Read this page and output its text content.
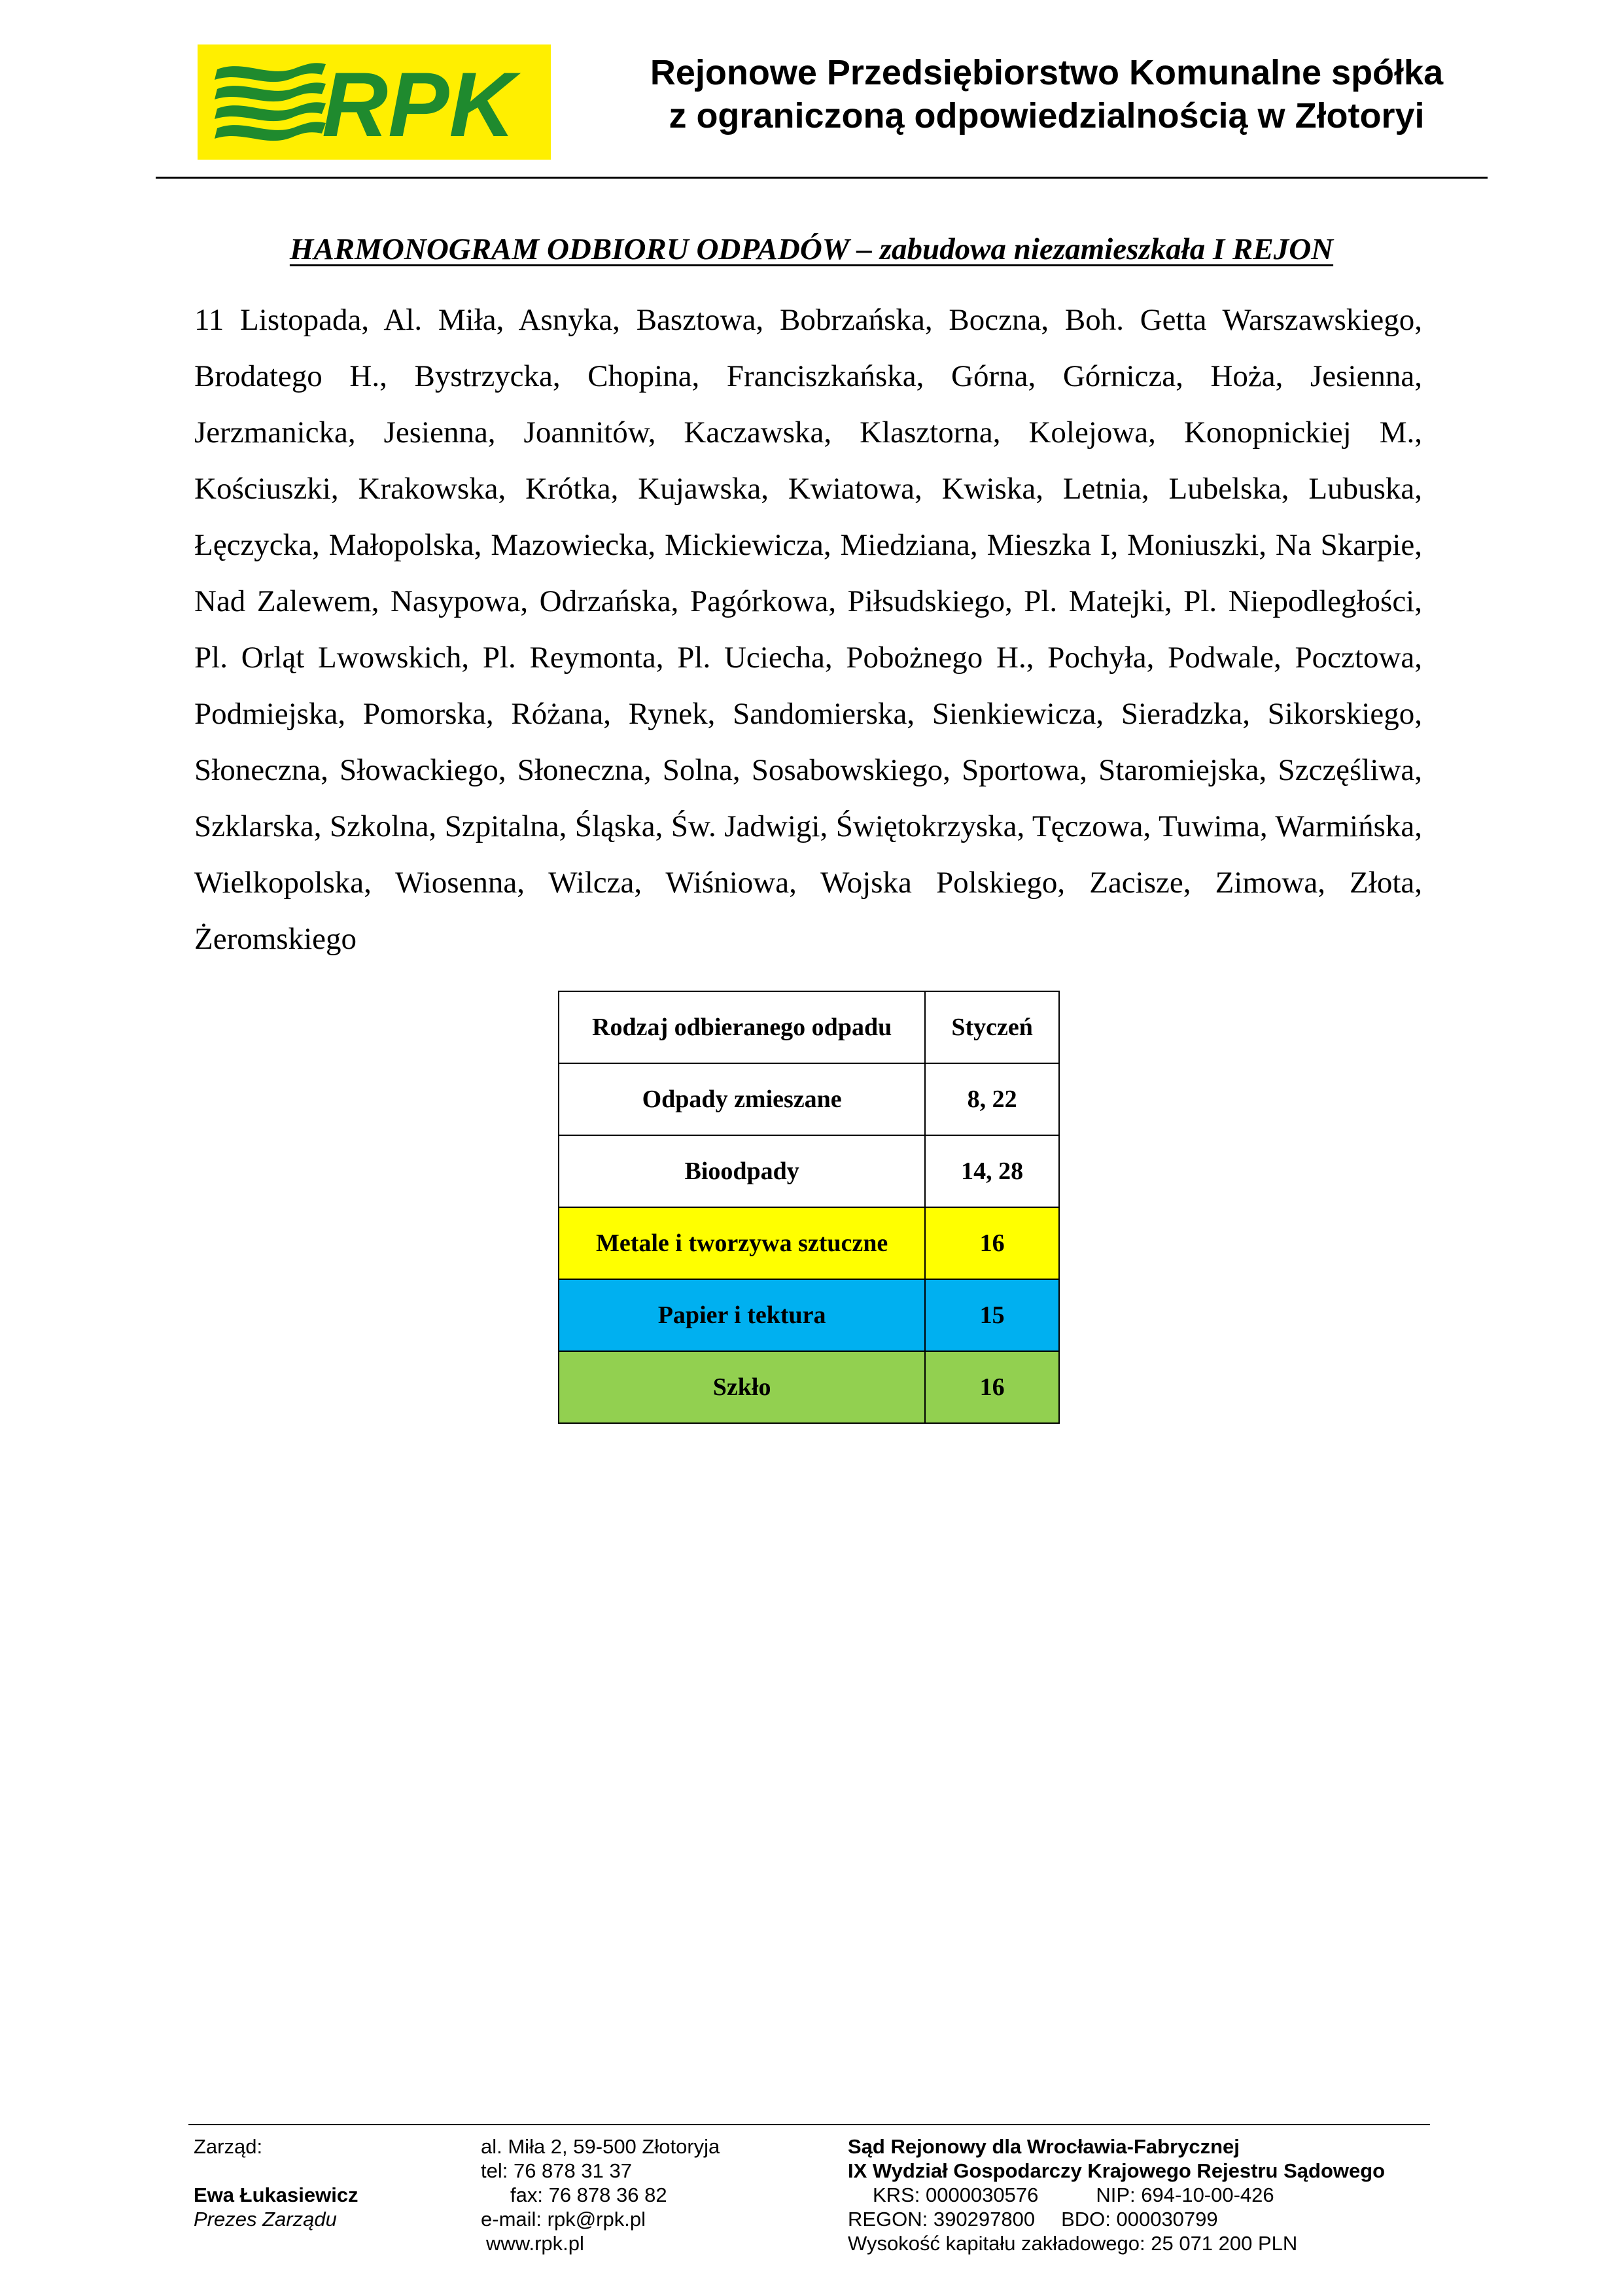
RPK	Rejonowe Przedsiębiorstwo Komunalne spółka
z ograniczoną odpowiedzialnością w Złotoryi
HARMONOGRAM ODBIORU ODPADÓW – zabudowa niezamieszkała I REJON

11 Listopada, Al. Miła, Asnyka, Basztowa, Bobrzańska, Boczna, Boh. Getta Warszawskiego, Brodatego H., Bystrzycka, Chopina, Franciszkańska, Górna, Górnicza, Hoża, Jesienna, Jerzmanicka, Jesienna, Joannitów, Kaczawska, Klasztorna, Kolejowa, Konopnickiej M., Kościuszki, Krakowska, Krótka, Kujawska, Kwiatowa, Kwiska, Letnia, Lubelska, Lubuska, Łęczycka, Małopolska, Mazowiecka, Mickiewicza, Miedziana, Mieszka I, Moniuszki, Na Skarpie, Nad Zalewem, Nasypowa, Odrzańska, Pagórkowa, Piłsudskiego, Pl. Matejki, Pl. Niepodległości, Pl. Orląt Lwowskich, Pl. Reymonta, Pl. Uciecha, Pobożnego H., Pochyła, Podwale, Pocztowa, Podmiejska, Pomorska, Różana, Rynek, Sandomierska, Sienkiewicza, Sieradzka, Sikorskiego, Słoneczna, Słowackiego, Słoneczna, Solna, Sosabowskiego, Sportowa, Staromiejska, Szczęśliwa, Szklarska, Szkolna, Szpitalna, Śląska, Św. Jadwigi, Świętokrzyska, Tęczowa, Tuwima, Warmińska, Wielkopolska, Wiosenna, Wilcza, Wiśniowa, Wojska Polskiego, Zacisze, Zimowa, Złota, Żeromskiego

Rodzaj odbieranego odpadu	Styczeń
Odpady zmieszane	8, 22
Bioodpady	14, 28
Metale i tworzywa sztuczne	16
Papier i tektura	15
Szkło	16
Zarząd:
Ewa Łukasiewicz
Prezes Zarządu
al. Miła 2, 59-500 Złotoryja
tel: 76 878 31 37
fax: 76 878 36 82
e-mail: rpk@rpk.pl
www.rpk.pl
Sąd Rejonowy dla Wrocławia-Fabrycznej
IX Wydział Gospodarczy Krajowego Rejestru Sądowego
KRS: 0000030576	NIP: 694-10-00-426
REGON: 390297800 BDO: 000030799
Wysokość kapitału zakładowego: 25 071 200 PLN
